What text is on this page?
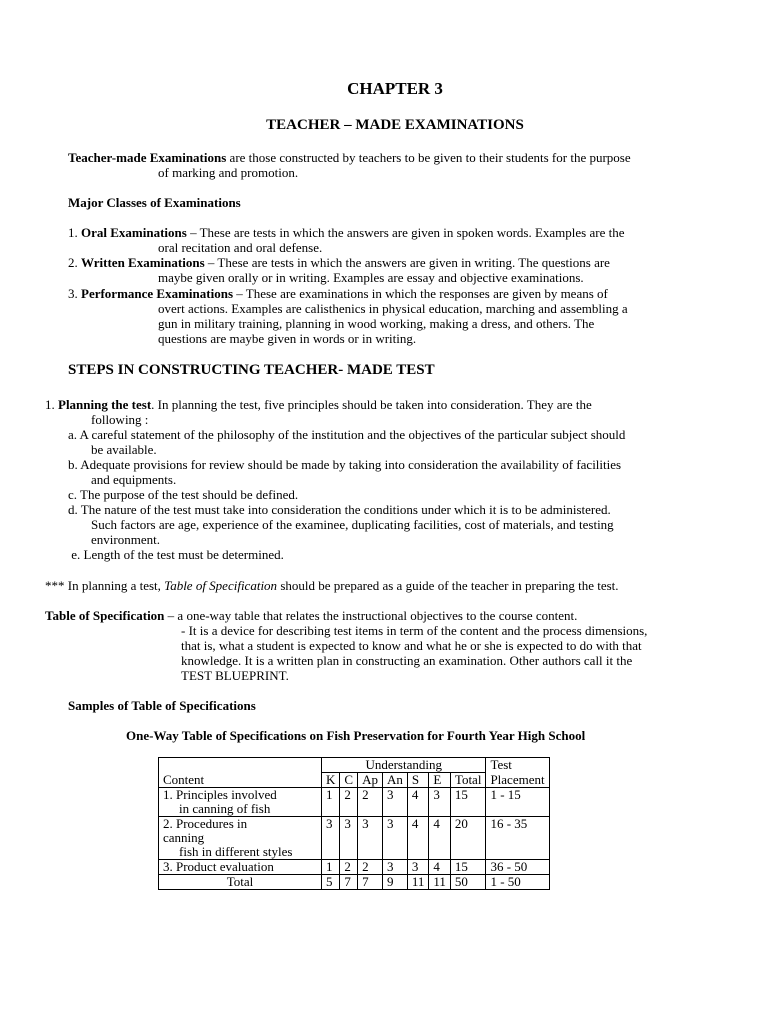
CHAPTER 3
TEACHER – MADE EXAMINATIONS
Teacher-made Examinations are those constructed by teachers to be given to their students for the purpose
of marking and promotion.
Major Classes of Examinations
1. Oral Examinations – These are tests in which the answers are given in spoken words. Examples are the
oral recitation and oral defense.
2. Written Examinations – These are tests in which the answers are given in writing. The questions are
maybe given orally or in writing. Examples are essay and objective examinations.
3. Performance Examinations – These are examinations in which the responses are given by means of
overt actions. Examples are calisthenics in physical education, marching and assembling a
gun in military training, planning in wood working, making a dress, and others. The
questions are maybe given in words or in writing.
STEPS IN CONSTRUCTING TEACHER- MADE TEST
1. Planning the test. In planning the test, five principles should be taken into consideration. They are the
following :
a. A careful statement of the philosophy of the institution and the objectives of the particular subject should
be available.
b. Adequate provisions for review should be made by taking into consideration the availability of facilities
and equipments.
c. The purpose of the test should be defined.
d. The nature of the test must take into consideration the conditions under which it is to be administered.
Such factors are age, experience of the examinee, duplicating facilities, cost of materials, and testing
environment.
e. Length of the test must be determined.
*** In planning a test, Table of Specification should be prepared as a guide of the teacher in preparing the test.
Table of Specification – a one-way table that relates the instructional objectives to the course content.
- It is a device for describing test items in term of the content and the process dimensions,
that is, what a student is expected to know and what he or she is expected to do with that
knowledge. It is a written plan in constructing an examination. Other authors call it the
TEST BLUEPRINT.
Samples of Table of Specifications
One-Way Table of Specifications on Fish Preservation for Fourth Year High School
	Understanding							Test
Content	K	C	Ap	An	S	E	Total	Placement

1. Principles involved
in canning of fish	1	2	2	3	4	3	15	1 - 15

2. Procedures in
canning
fish in different styles	3	3	3	3	4	4	20	16 - 35
3. Product evaluation	1	2	2	3	3	4	15	36 - 50
Total	5	7	7	9	11	11	50	1 - 50
